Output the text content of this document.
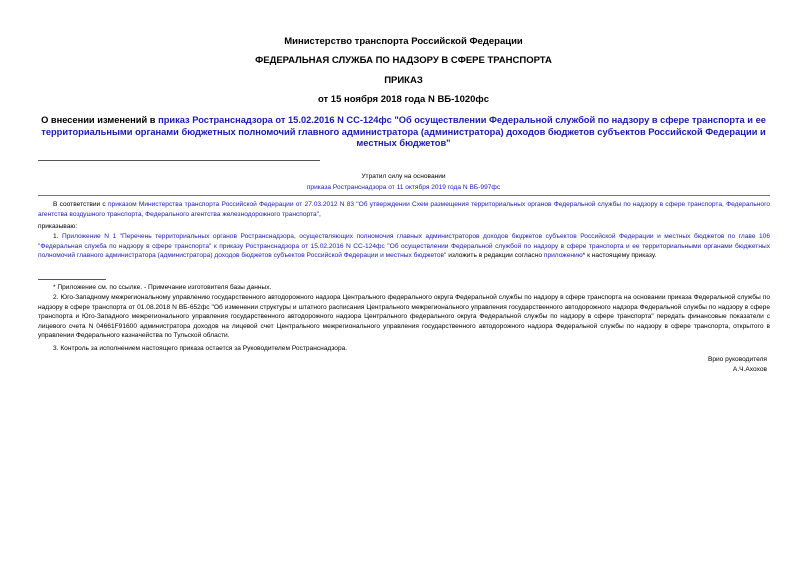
Министерство транспорта Российской Федерации
ФЕДЕРАЛЬНАЯ СЛУЖБА ПО НАДЗОРУ В СФЕРЕ ТРАНСПОРТА
ПРИКАЗ
от 15 ноября 2018 года N ВБ-1020фс
О внесении изменений в приказ Ространснадзора от 15.02.2016 N СС-124фс "Об осуществлении Федеральной службой по надзору в сфере транспорта и ее территориальными органами бюджетных полномочий главного администратора (администратора) доходов бюджетов субъектов Российской Федерации и местных бюджетов"
Утратил силу на основании
приказа Ространснадзора от 11 октября 2019 года N ВБ-997фс
В соответствии с приказом Министерства транспорта Российской Федерации от 27.03.2012 N 83 "Об утверждении Схем размещения территориальных органов Федеральной службы по надзору в сфере транспорта, Федерального агентства воздушного транспорта, Федерального агентства железнодорожного транспорта",
приказываю:
1. Приложение N 1 "Перечень территориальных органов Ространснадзора, осуществляющих полномочия главных администраторов доходов бюджетов субъектов Российской Федерации и местных бюджетов по главе 106 "Федеральная служба по надзору в сфере транспорта" к приказу Ространснадзора от 15.02.2016 N СС-124фс "Об осуществлении Федеральной службой по надзору в сфере транспорта и ее территориальными органами бюджетных полномочий главного администратора (администратора) доходов бюджетов субъектов Российской Федерации и местных бюджетов" изложить в редакции согласно приложению* к настоящему приказу.
* Приложение см. по ссылке. - Примечание изготовителя базы данных.
2. Юго-Западному межрегиональному управлению государственного автодорожного надзора Центрального федерального округа Федеральной службы по надзору в сфере транспорта на основании приказа Федеральной службы по надзору в сфере транспорта от 01.08.2018 N ВБ-652фс "Об изменении структуры и штатного расписания Центрального межрегионального управления государственного автодорожного надзора Федеральной службы по надзору в сфере транспорта и Юго-Западного межрегионального управления государственного автодорожного надзора Центрального федерального округа Федеральной службы по надзору в сфере транспорта" передать финансовые показатели с лицевого счета N 04661F91600 администратора доходов на лицевой счет Центрального межрегионального управления государственного автодорожного надзора Федеральной службы по надзору в сфере транспорта, открытого в управлении Федерального казначейства по Тульской области.
3. Контроль за исполнением настоящего приказа остается за Руководителем Ространснадзора.
Врио руководителя
А.Ч.Ахохов
